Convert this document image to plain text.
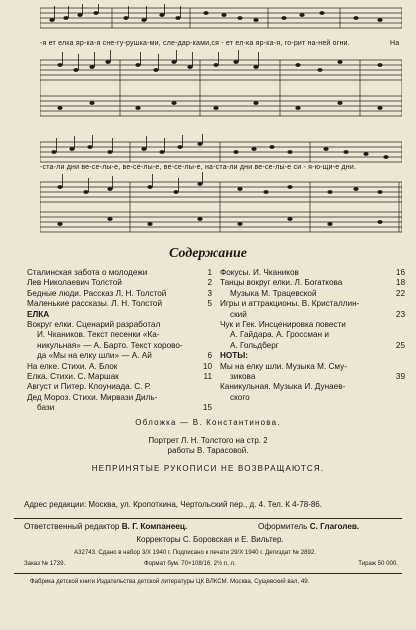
-я ет елка яр-ка-я сне-гу-рушка-ми, сле-дар-ками,ся - ет ел-ка яр-ка-я, го-рит на-ней огни.	На
-ста-ли дни ве-се-лы-е, ве-се-лы-е, ве-се-лы-е, на-ста-ли дни ве-се-лы-е си - я-ю-щи-е дни.
Содержание
Сталинская забота о молодежи	1
Лев Николаевич Толстой	2
Бедные люди. Рассказ Л. Н. Толстой	3
Маленькие рассказы. Л. Н. Толстой	5
ЕЛКА
Вокруг елки. Сценарий разработал
И. Чкаников. Текст песенки «Ка-
никульная» — А. Барто. Текст хорово-
да «Мы на елку шли» — А. Ай	6
На елке. Стихи. А. Блок	10
Елка. Стихи. С. Маршак	11
Август и Питер. Клоуниада. С. Р.
Дед Мороз. Стихи. Мирвази Диль-
бази	15
Фокусы. И. Чкаников	16
Танцы вокруг елки. Л. Богаткова	18
Музыка М. Трацевской	22
Игры и аттракционы. В. Кристаллин-
ский	23
Чук и Гек. Инсценировка повести
А. Гайдара. А. Гроссман и
А. Гольдберг	25
НОТЫ:
Мы на елку шли. Музыка М. Сму-
зикова	39
Каникульная. Музыка И. Дунаев-
ского
Обложка — В. Константинова.
Портрет Л. Н. Толстого на стр. 2
работы В. Тарасовой.
НЕПРИНЯТЫЕ РУКОПИСИ НЕ ВОЗВРАЩАЮТСЯ.
Адрес редакции: Москва, ул. Кропоткина, Чертольский пер., д. 4. Тел. К 4-78-86.
Ответственный редактор В. Г. Компанеец.	Оформитель С. Глаголев.
Корректоры С. Боровская и Е. Вильтер.
А32743. Сдано в набор 3/X 1940 г. Подписано к печати 29/X 1940 г. Детиздат № 2892.
Заказ № 1739.	Формат бум. 70×108/16. 2½ п. л.	Тираж 50 000.
Фабрика детской книги Издательства детской литературы ЦК ВЛКСМ. Москва, Сущевский вал, 49.
